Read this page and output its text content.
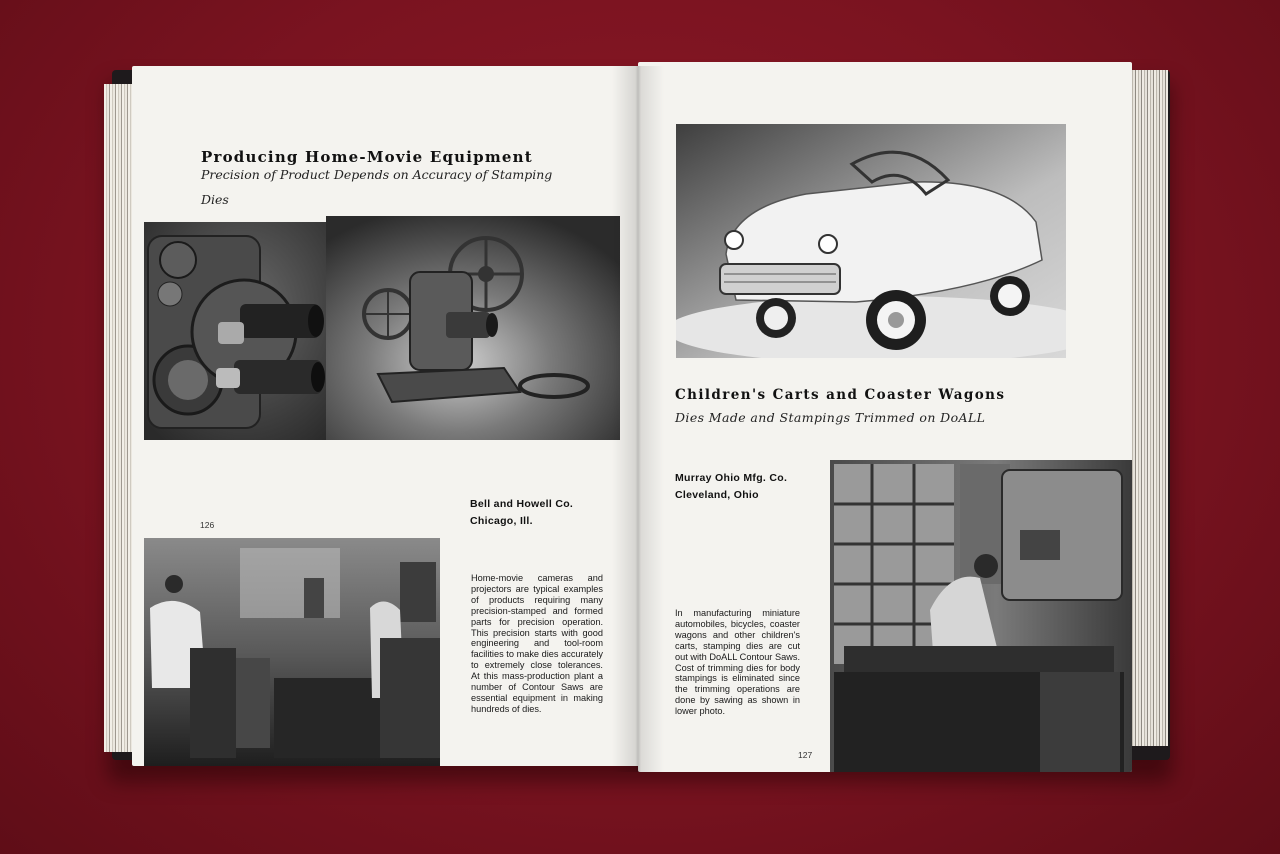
Producing Home-Movie Equipment
Precision of Product Depends on Accuracy of Stamping Dies
126
Bell and Howell Co.
Chicago, Ill.
Home-movie cameras and projectors are typical examples of products requiring many precision-stamped and formed parts for precision operation. This precision starts with good engineering and tool-room facilities to make dies accurately to extremely close tolerances. At this mass-production plant a number of Contour Saws are essential equipment in making hundreds of dies.
Children's Carts and Coaster Wagons
Dies Made and Stampings Trimmed on DoALL
Murray Ohio Mfg. Co.
Cleveland, Ohio
In manufacturing miniature automobiles, bicycles, coaster wagons and other children's carts, stamping dies are cut out with DoALL Contour Saws. Cost of trimming dies for body stampings is eliminated since the trimming operations are done by sawing as shown in lower photo.
127
